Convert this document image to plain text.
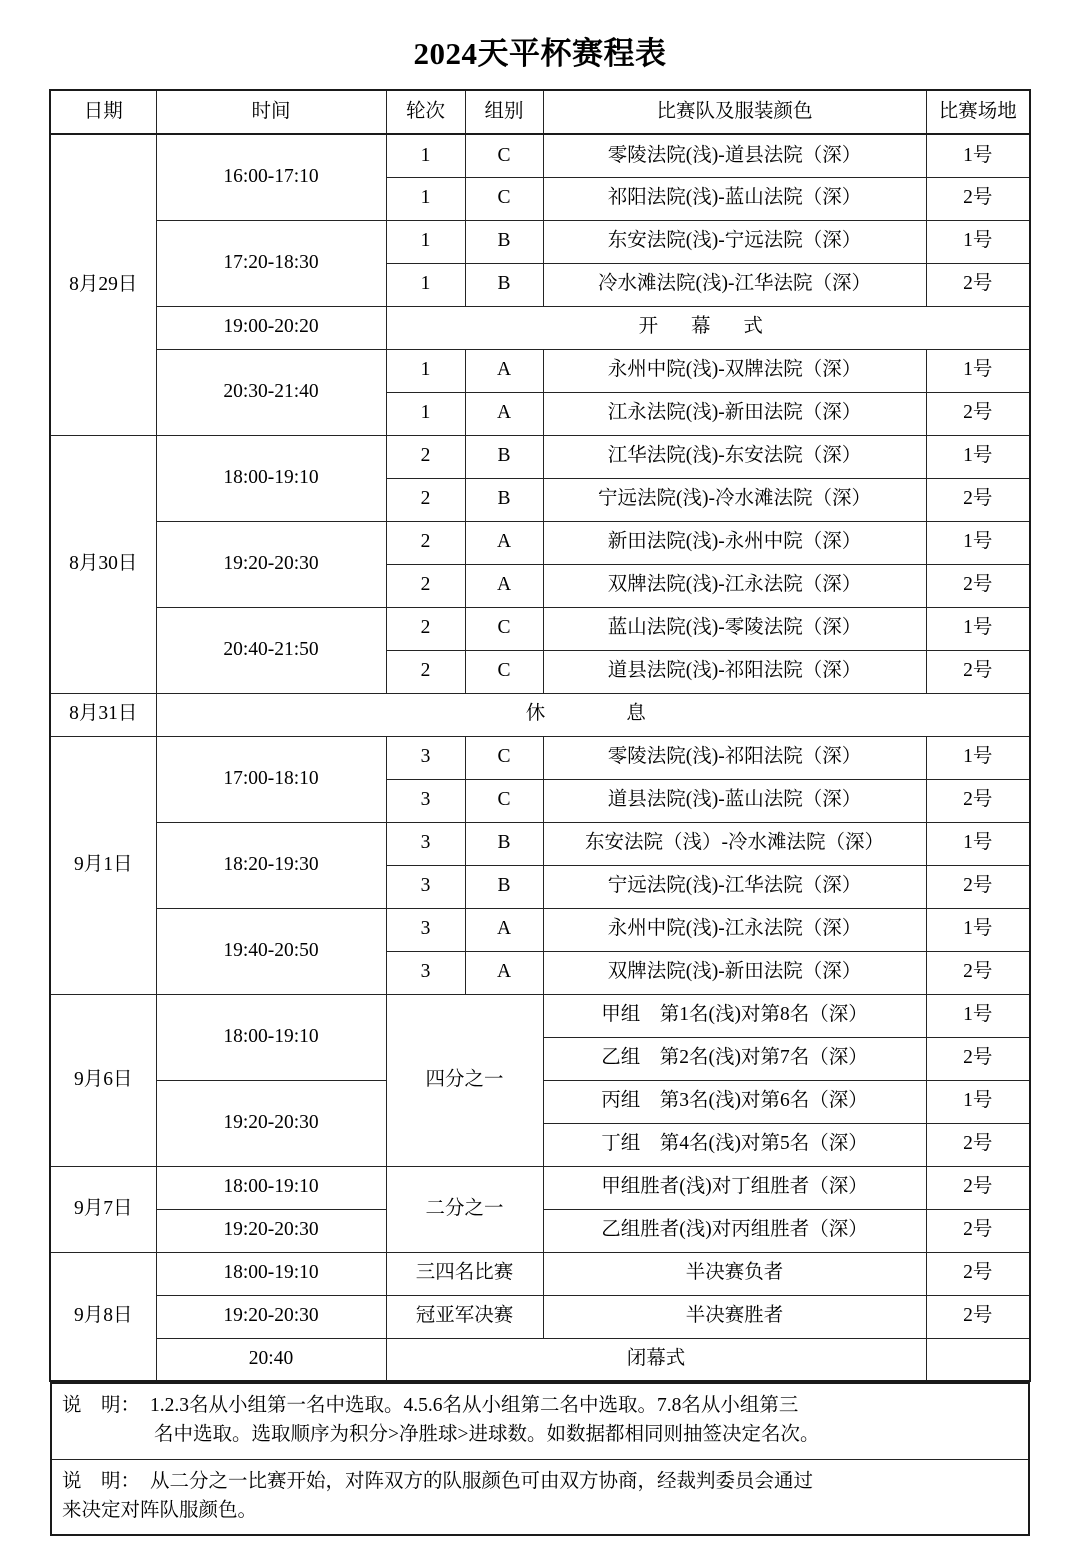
2024天平杯赛程表
日期	时间	轮次	组别	比赛队及服装颜色	比赛场地
8月29日	16:00-17:10	1	C	零陵法院(浅)-道县法院（深）	1号
		1	C	祁阳法院(浅)-蓝山法院（深）	2号
	17:20-18:30	1	B	东安法院(浅)-宁远法院（深）	1号
		1	B	冷水滩法院(浅)-江华法院（深）	2号
	19:00-20:20	开 幕 式			
	20:30-21:40	1	A	永州中院(浅)-双牌法院（深）	1号
		1	A	江永法院(浅)-新田法院（深）	2号
8月30日	18:00-19:10	2	B	江华法院(浅)-东安法院（深）	1号
		2	B	宁远法院(浅)-冷水滩法院（深）	2号
	19:20-20:30	2	A	新田法院(浅)-永州中院（深）	1号
		2	A	双牌法院(浅)-江永法院（深）	2号
	20:40-21:50	2	C	蓝山法院(浅)-零陵法院（深）	1号
		2	C	道县法院(浅)-祁阳法院（深）	2号
8月31日	休　　息				
9月1日	17:00-18:10	3	C	零陵法院(浅)-祁阳法院（深）	1号
		3	C	道县法院(浅)-蓝山法院（深）	2号
	18:20-19:30	3	B	东安法院（浅）-冷水滩法院（深）	1号
		3	B	宁远法院(浅)-江华法院（深）	2号
	19:40-20:50	3	A	永州中院(浅)-江永法院（深）	1号
		3	A	双牌法院(浅)-新田法院（深）	2号
9月6日	18:00-19:10	四分之一		甲组　第1名(浅)对第8名（深）	1号
				乙组　第2名(浅)对第7名（深）	2号
	19:20-20:30			丙组　第3名(浅)对第6名（深）	1号
				丁组　第4名(浅)对第5名（深）	2号
9月7日	18:00-19:10	二分之一		甲组胜者(浅)对丁组胜者（深）	2号
	19:20-20:30			乙组胜者(浅)对丙组胜者（深）	2号
9月8日	18:00-19:10	三四名比赛		半决赛负者	2号
	19:20-20:30	冠亚军决赛		半决赛胜者	2号
	20:40	闭幕式			
说　明： 1.2.3名从小组第一名中选取。4.5.6名从小组第二名中选取。7.8名从小组第三
名中选取。选取顺序为积分>净胜球>进球数。如数据都相同则抽签决定名次。

说　明： 从二分之一比赛开始，对阵双方的队服颜色可由双方协商，经裁判委员会通过
来决定对阵队服颜色。
